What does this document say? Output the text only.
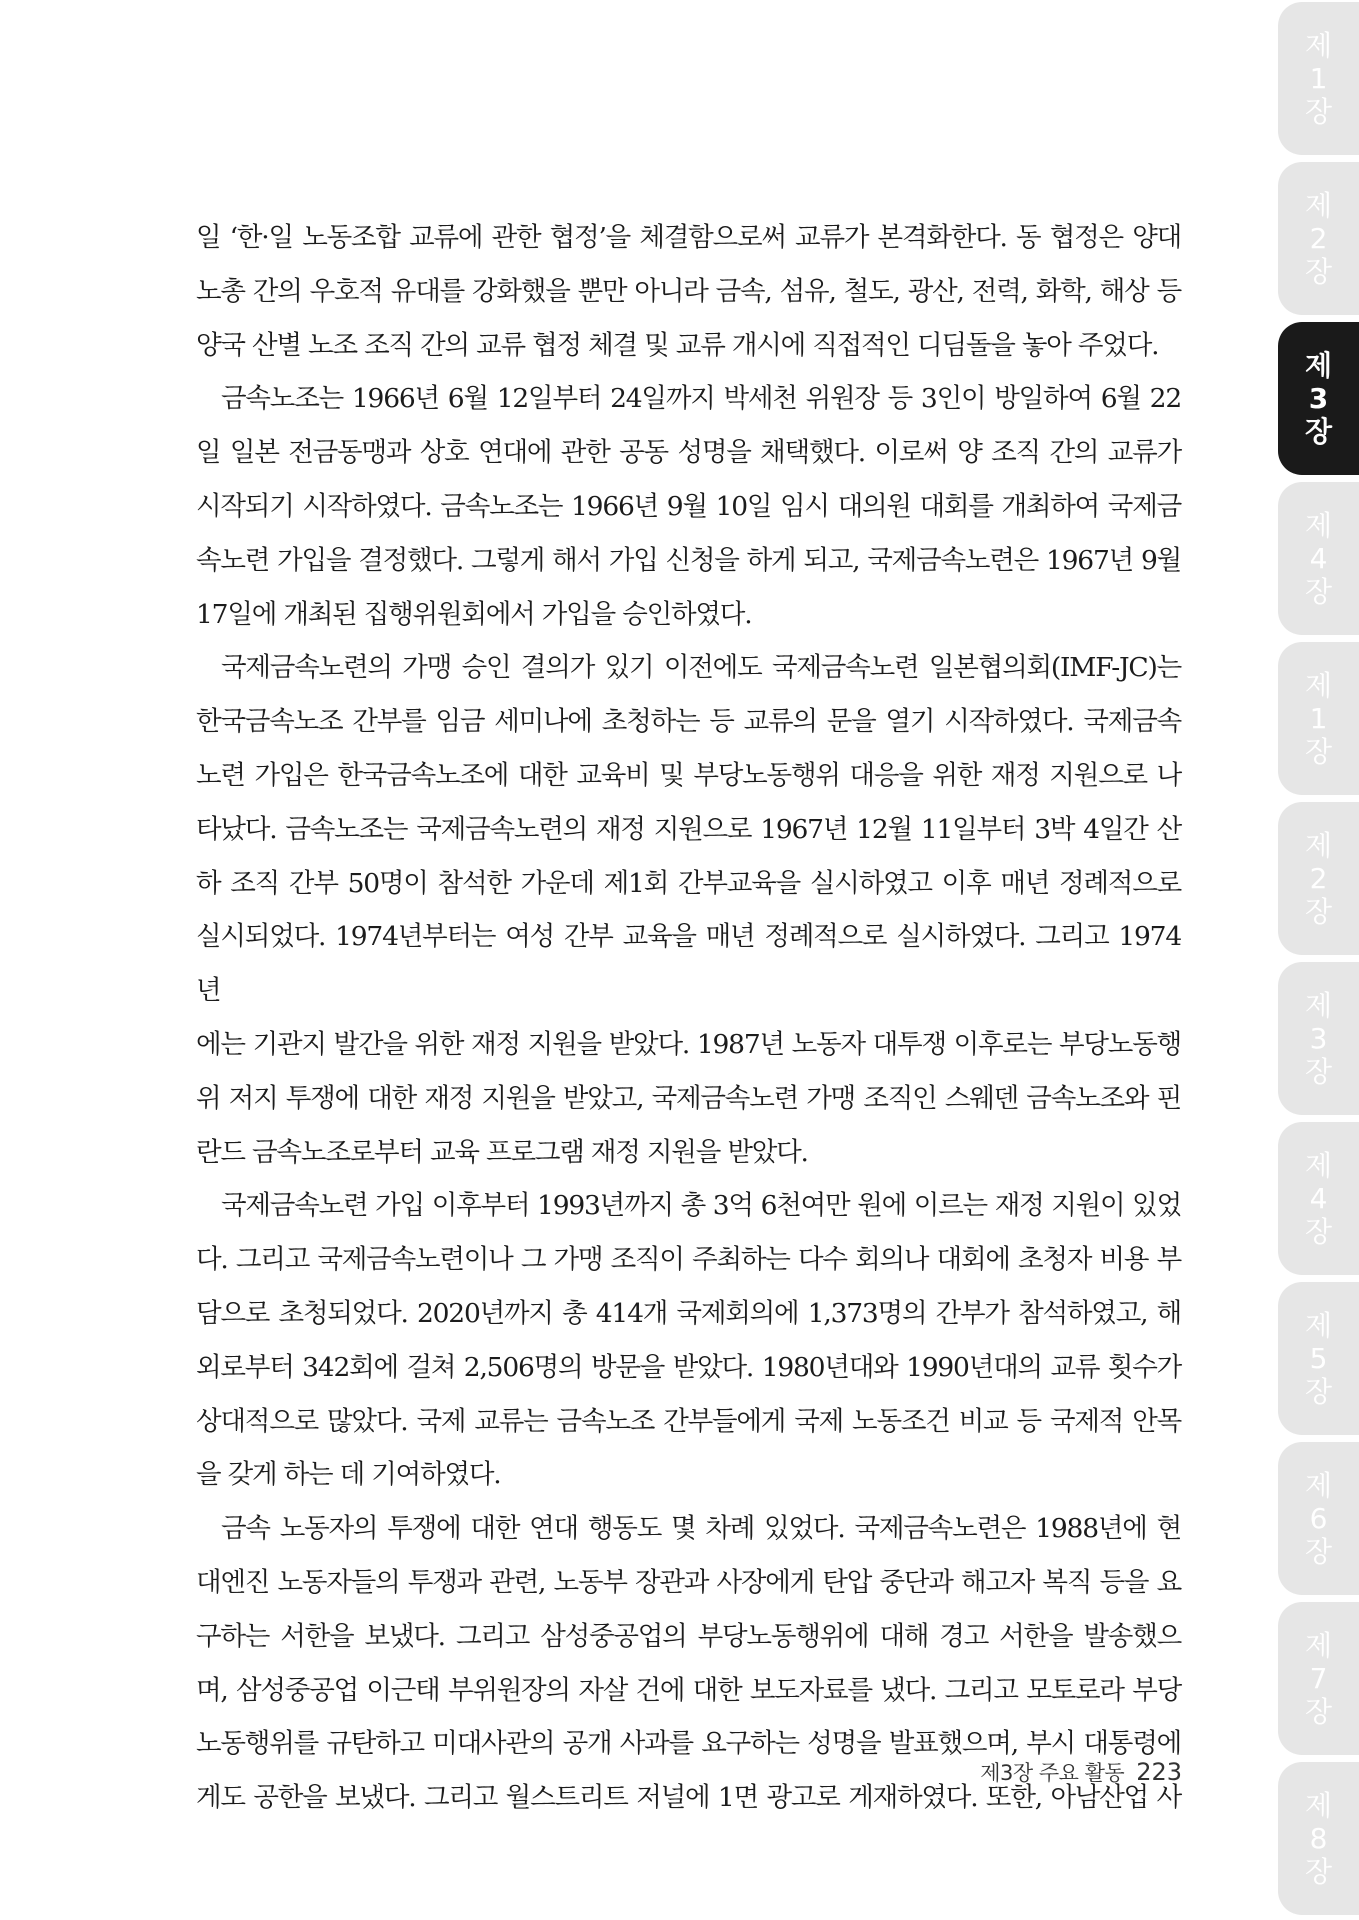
일 ‘한·일 노동조합 교류에 관한 협정’을 체결함으로써 교류가 본격화한다. 동 협정은 양대

노총 간의 우호적 유대를 강화했을 뿐만 아니라 금속, 섬유, 철도, 광산, 전력, 화학, 해상 등

양국 산별 노조 조직 간의 교류 협정 체결 및 교류 개시에 직접적인 디딤돌을 놓아 주었다.

금속노조는 1966년 6월 12일부터 24일까지 박세천 위원장 등 3인이 방일하여 6월 22

일 일본 전금동맹과 상호 연대에 관한 공동 성명을 채택했다. 이로써 양 조직 간의 교류가

시작되기 시작하였다. 금속노조는 1966년 9월 10일 임시 대의원 대회를 개최하여 국제금

속노련 가입을 결정했다. 그렇게 해서 가입 신청을 하게 되고, 국제금속노련은 1967년 9월

17일에 개최된 집행위원회에서 가입을 승인하였다.

국제금속노련의 가맹 승인 결의가 있기 이전에도 국제금속노련 일본협의회(IMF-JC)는

한국금속노조 간부를 임금 세미나에 초청하는 등 교류의 문을 열기 시작하였다. 국제금속

노련 가입은 한국금속노조에 대한 교육비 및 부당노동행위 대응을 위한 재정 지원으로 나

타났다. 금속노조는 국제금속노련의 재정 지원으로 1967년 12월 11일부터 3박 4일간 산

하 조직 간부 50명이 참석한 가운데 제1회 간부교육을 실시하였고 이후 매년 정례적으로

실시되었다. 1974년부터는 여성 간부 교육을 매년 정례적으로 실시하였다. 그리고 1974년

에는 기관지 발간을 위한 재정 지원을 받았다. 1987년 노동자 대투쟁 이후로는 부당노동행

위 저지 투쟁에 대한 재정 지원을 받았고, 국제금속노련 가맹 조직인 스웨덴 금속노조와 핀

란드 금속노조로부터 교육 프로그램 재정 지원을 받았다.

국제금속노련 가입 이후부터 1993년까지 총 3억 6천여만 원에 이르는 재정 지원이 있었

다. 그리고 국제금속노련이나 그 가맹 조직이 주최하는 다수 회의나 대회에 초청자 비용 부

담으로 초청되었다. 2020년까지 총 414개 국제회의에 1,373명의 간부가 참석하였고, 해

외로부터 342회에 걸쳐 2,506명의 방문을 받았다. 1980년대와 1990년대의 교류 횟수가

상대적으로 많았다. 국제 교류는 금속노조 간부들에게 국제 노동조건 비교 등 국제적 안목

을 갖게 하는 데 기여하였다.

금속 노동자의 투쟁에 대한 연대 행동도 몇 차례 있었다. 국제금속노련은 1988년에 현

대엔진 노동자들의 투쟁과 관련, 노동부 장관과 사장에게 탄압 중단과 해고자 복직 등을 요

구하는 서한을 보냈다. 그리고 삼성중공업의 부당노동행위에 대해 경고 서한을 발송했으

며, 삼성중공업 이근태 부위원장의 자살 건에 대한 보도자료를 냈다. 그리고 모토로라 부당

노동행위를 규탄하고 미대사관의 공개 사과를 요구하는 성명을 발표했으며, 부시 대통령에

게도 공한을 보냈다. 그리고 월스트리트 저널에 1면 광고로 게재하였다. 또한, 아남산업 사

제3장 주요 활동 223
제
1
장
제
2
장
제
3
장
제
4
장
제
1
장
제
2
장
제
3
장
제
4
장
제
5
장
제
6
장
제
7
장
제
8
장
